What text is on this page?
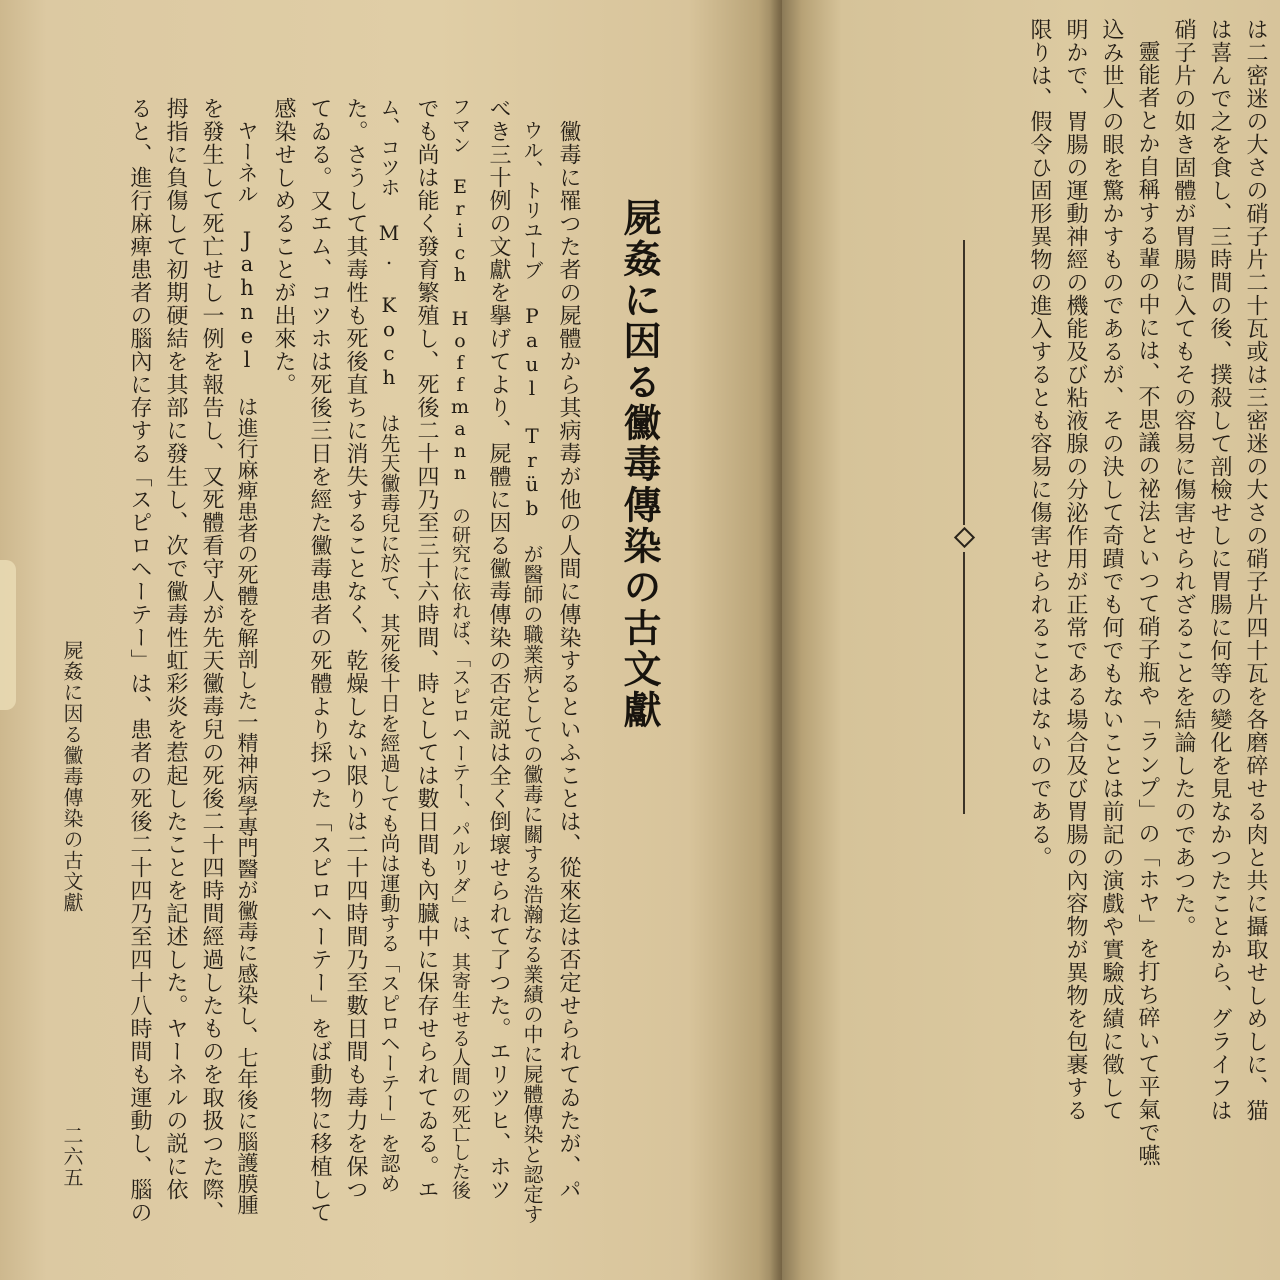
屍姦に因る黴毒傳染の古文獻
黴毒に罹つた者の屍體から其病毒が他の人間に傳染するといふことは、從來迄は否定せられてゐたが、パ
ウル、トリユーブ Paul Trüb が醫師の職業病としての黴毒に關する浩瀚なる業績の中に屍體傳染と認定す
べき三十例の文獻を擧げてより、屍體に因る黴毒傳染の否定説は全く倒壞せられて了つた。エリツヒ、ホツ
フマン Erich Hoffmann の研究に依れば、「スピロヘーテー、パルリダ」は、其寄生せる人間の死亡した後
でも尚は能く發育繁殖し、死後二十四乃至三十六時間、時としては數日間も內臓中に保存せられてゐる。エ
ム、コツホ M. Koch は先天黴毒兒に於て、其死後十日を經過しても尚は運動する「スピロヘーテー」を認め
た。さうして其毒性も死後直ちに消失することなく、乾燥しない限りは二十四時間乃至數日間も毒力を保つ
てゐる。又エム、コツホは死後三日を經た黴毒患者の死體より採つた「スピロヘーテー」をば動物に移植して
感染せしめることが出來た。
ヤーネル Jahnel は進行麻痺患者の死體を解剖した一精神病學專門醫が黴毒に感染し、七年後に腦護膜腫
を發生して死亡せし一例を報告し、又死體看守人が先天黴毒兒の死後二十四時間經過したものを取扱つた際、
拇指に負傷して初期硬結を其部に發生し、次で黴毒性虹彩炎を惹起したことを記述した。ヤーネルの説に依
ると、進行麻痺患者の腦內に存する「スピロヘーテー」は、患者の死後二十四乃至四十八時間も運動し、腦の
屍姦に因る黴毒傳染の古文獻
二六五
は二密迷の大さの硝子片二十瓦或は三密迷の大さの硝子片四十瓦を各磨碎せる肉と共に攝取せしめしに、猫
は喜んで之を食し、三時間の後、撲殺して剖檢せしに胃腸に何等の變化を見なかつたことから、グライフは
硝子片の如き固體が胃腸に入てもその容易に傷害せられざることを結論したのであつた。
靈能者とか自稱する輩の中には、不思議の祕法といつて硝子瓶や「ランプ」の「ホヤ」を打ち碎いて平氣で嚥
込み世人の眼を驚かすものであるが、その決して奇蹟でも何でもないことは前記の演戲や實驗成績に徵して
明かで、胃腸の運動神經の機能及び粘液腺の分泌作用が正常である場合及び胃腸の內容物が異物を包裹する
限りは、假令ひ固形異物の進入するとも容易に傷害せられることはないのである。
